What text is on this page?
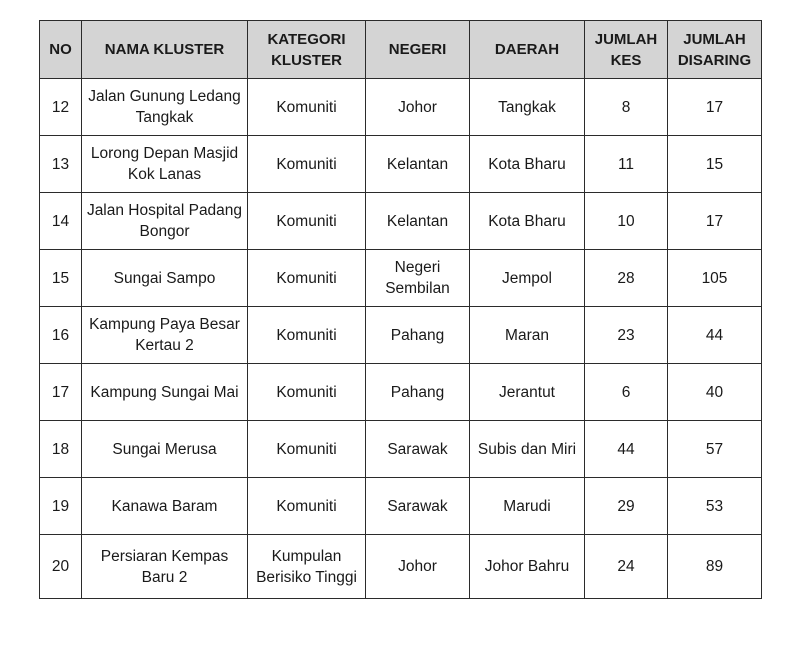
NO	NAMA KLUSTER	KATEGORI KLUSTER	NEGERI	DAERAH	JUMLAH KES	JUMLAH DISARING
12	Jalan Gunung Ledang Tangkak	Komuniti	Johor	Tangkak	8	17
13	Lorong Depan Masjid Kok Lanas	Komuniti	Kelantan	Kota Bharu	11	15
14	Jalan Hospital Padang Bongor	Komuniti	Kelantan	Kota Bharu	10	17
15	Sungai Sampo	Komuniti	Negeri Sembilan	Jempol	28	105
16	Kampung Paya Besar Kertau 2	Komuniti	Pahang	Maran	23	44
17	Kampung Sungai Mai	Komuniti	Pahang	Jerantut	6	40
18	Sungai Merusa	Komuniti	Sarawak	Subis dan Miri	44	57
19	Kanawa Baram	Komuniti	Sarawak	Marudi	29	53
20	Persiaran Kempas Baru 2	Kumpulan Berisiko Tinggi	Johor	Johor Bahru	24	89
